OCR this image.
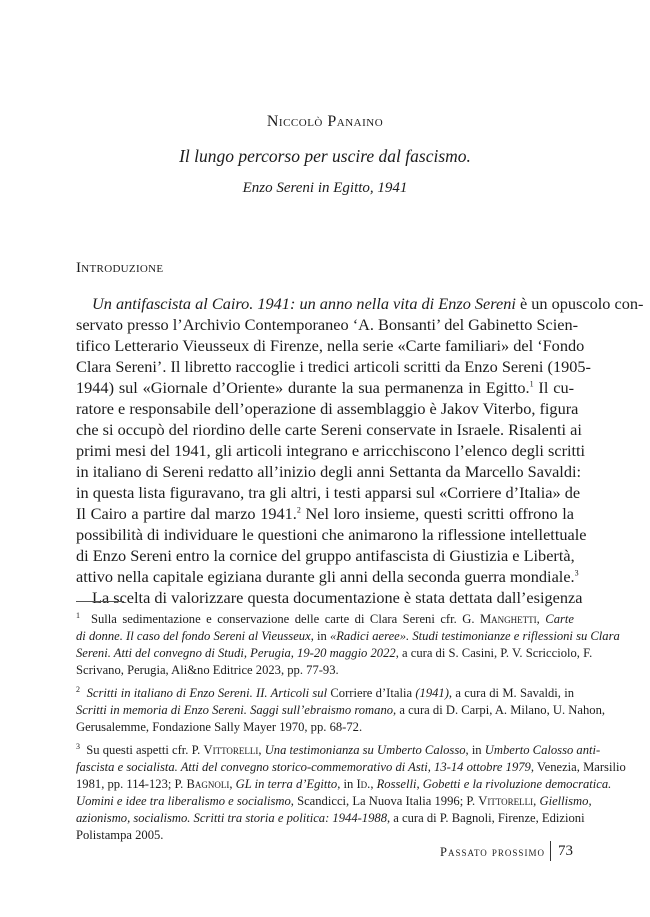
Niccolò Panaino
Il lungo percorso per uscire dal fascismo.
Enzo Sereni in Egitto, 1941
Introduzione
Un antifascista al Cairo. 1941: un anno nella vita di Enzo Sereni è un opuscolo con-
servato presso l’Archivio Contemporaneo ‘A. Bonsanti’ del Gabinetto Scien-
tifico Letterario Vieusseux di Firenze, nella serie «Carte familiari» del ‘Fondo
Clara Sereni’. Il libretto raccoglie i tredici articoli scritti da Enzo Sereni (1905-
1944) sul «Giornale d’Oriente» durante la sua permanenza in Egitto.$^1$ Il cu-
ratore e responsabile dell’operazione di assemblaggio è Jakov Viterbo, figura
che si occupò del riordino delle carte Sereni conservate in Israele. Risalenti ai
primi mesi del 1941, gli articoli integrano e arricchiscono l’elenco degli scritti
in italiano di Sereni redatto all’inizio degli anni Settanta da Marcello Savaldi:
in questa lista figuravano, tra gli altri, i testi apparsi sul «Corriere d’Italia» de
Il Cairo a partire dal marzo 1941.$^2$ Nel loro insieme, questi scritti offrono la
possibilità di individuare le questioni che animarono la riflessione intellettuale
di Enzo Sereni entro la cornice del gruppo antifascista di Giustizia e Libertà,
attivo nella capitale egiziana durante gli anni della seconda guerra mondiale.$^3$
La scelta di valorizzare questa documentazione è stata dettata dall’esigenza
$^1$ Sulla sedimentazione e conservazione delle carte di Clara Sereni cfr. G. Manghetti, Carte
di donne. Il caso del fondo Sereni al Vieusseux, in «Radici aeree». Studi testimonianze e riflessioni su Clara
Sereni. Atti del convegno di Studi, Perugia, 19-20 maggio 2022, a cura di S. Casini, P. V. Scricciolo, F.
Scrivano, Perugia, Ali&no Editrice 2023, pp. 77-93.
$^2$ Scritti in italiano di Enzo Sereni. II. Articoli sul Corriere d’Italia (1941), a cura di M. Savaldi, in
Scritti in memoria di Enzo Sereni. Saggi sull’ebraismo romano, a cura di D. Carpi, A. Milano, U. Nahon,
Gerusalemme, Fondazione Sally Mayer 1970, pp. 68-72.
$^3$ Su questi aspetti cfr. P. Vittorelli, Una testimonianza su Umberto Calosso, in Umberto Calosso anti-
fascista e socialista. Atti del convegno storico-commemorativo di Asti, 13-14 ottobre 1979, Venezia, Marsilio
1981, pp. 114-123; P. Bagnoli, GL in terra d’Egitto, in Id., Rosselli, Gobetti e la rivoluzione democratica.
Uomini e idee tra liberalismo e socialismo, Scandicci, La Nuova Italia 1996; P. Vittorelli, Giellismo,
azionismo, socialismo. Scritti tra storia e politica: 1944-1988, a cura di P. Bagnoli, Firenze, Edizioni
Polistampa 2005.
Passato prossimo 73
